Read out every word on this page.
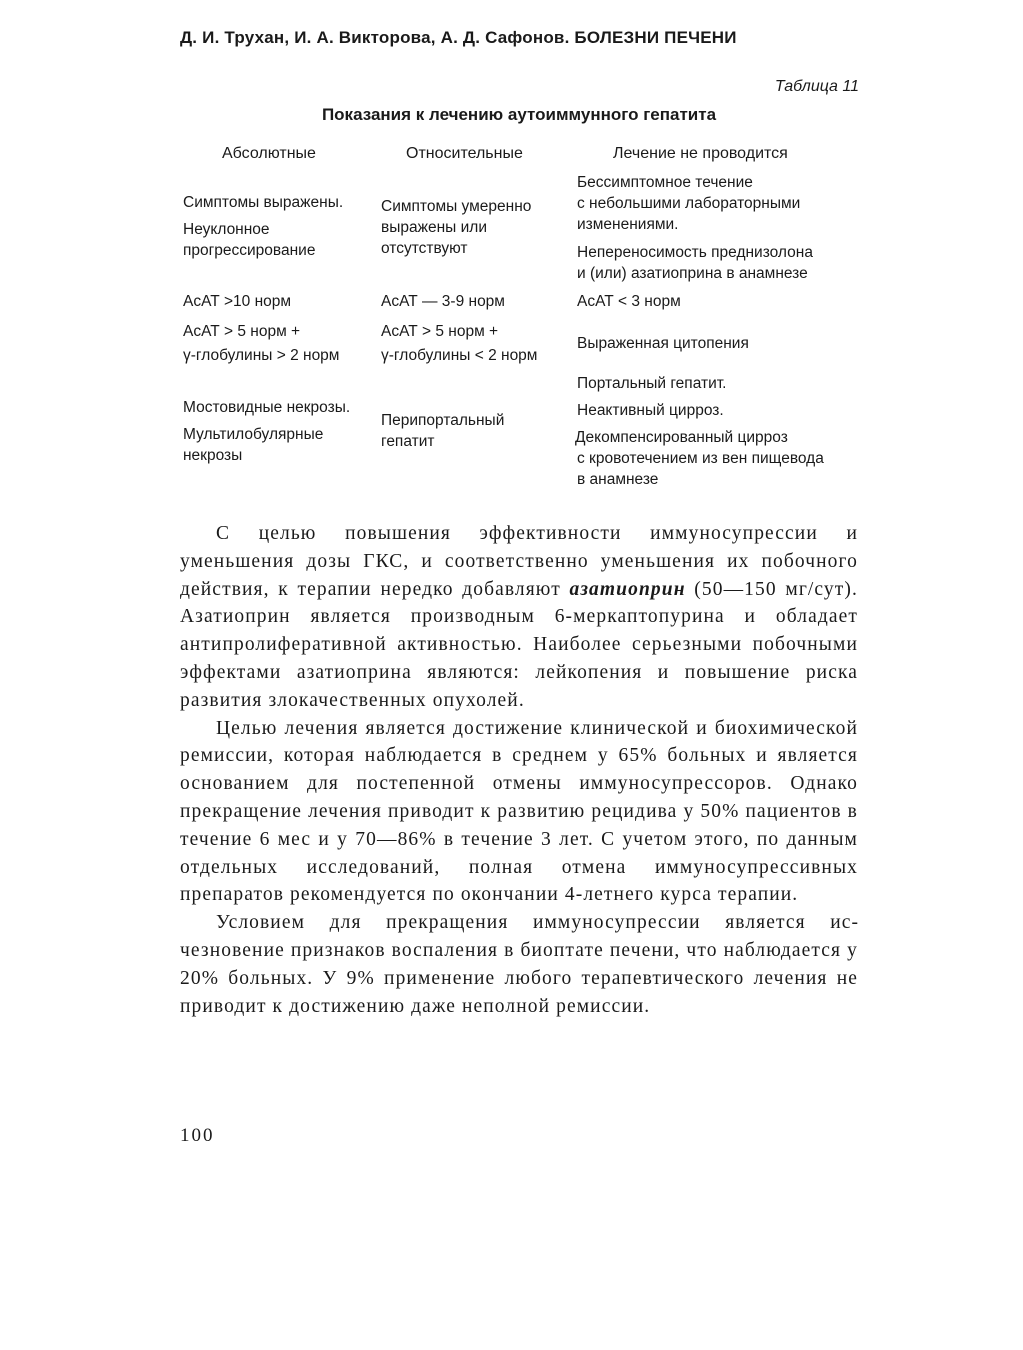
Д. И. Трухан, И. А. Викторова, А. Д. Сафонов. БОЛЕЗНИ ПЕЧЕНИ
Таблица 11
Показания к лечению аутоиммунного гепатита
Абсолютные	Относительные	Лечение не проводится
Симптомы выражены.
Неуклонное
прогрессирование
АсАТ >10 норм
АсАТ > 5 норм +
γ-глобулины > 2 норм
Мостовидные некрозы.
Мультилобулярные
некрозы
Симптомы умеренно
выражены или
отсутствуют
АсАТ — 3-9 норм
АсАТ > 5 норм +
γ-глобулины < 2 норм
Перипортальный
гепатит
Бессимптомное течение
с небольшими лабораторными
изменениями.
Непереносимость преднизолона
и (или) азатиоприна в анамнезе
АсАТ < 3 норм
Выраженная цитопения
Портальный гепатит.
Неактивный цирроз.
Декомпенсированный цирроз
с кровотечением из вен пищевода
в анамнезе

С целью повышения эффективности иммуносупрессии и уменьшения дозы ГКС, и соответственно уменьшения их побочного действия, к терапии нередко добавляют азатиоприн (50—150 мг/сут). Азатиоприн является производным 6-меркаптопурина и обладает антипролиферативной активностью. Наиболее серьезными побочными эффектами азатиоприна являются: лейкопения и повышение риска развития злокачественных опухолей.

Целью лечения является достижение клинической и биохимической ремиссии, которая наблюдается в среднем у 65% больных и является основанием для постепенной отмены иммуносупрессоров. Однако прекращение лечения приводит к развитию рецидива у 50% пациентов в течение 6 мес и у 70—86% в течение 3 лет. С учетом этого, по данным отдельных исследований, полная отмена иммуносупрессивных препаратов рекомендуется по окончании 4-летнего курса терапии.

Условием для прекращения иммуносупрессии является исчезновение признаков воспаления в биоптате печени, что наблюдается у 20% больных. У 9% применение любого терапевтического лечения не приводит к достижению даже неполной ремиссии.

100
